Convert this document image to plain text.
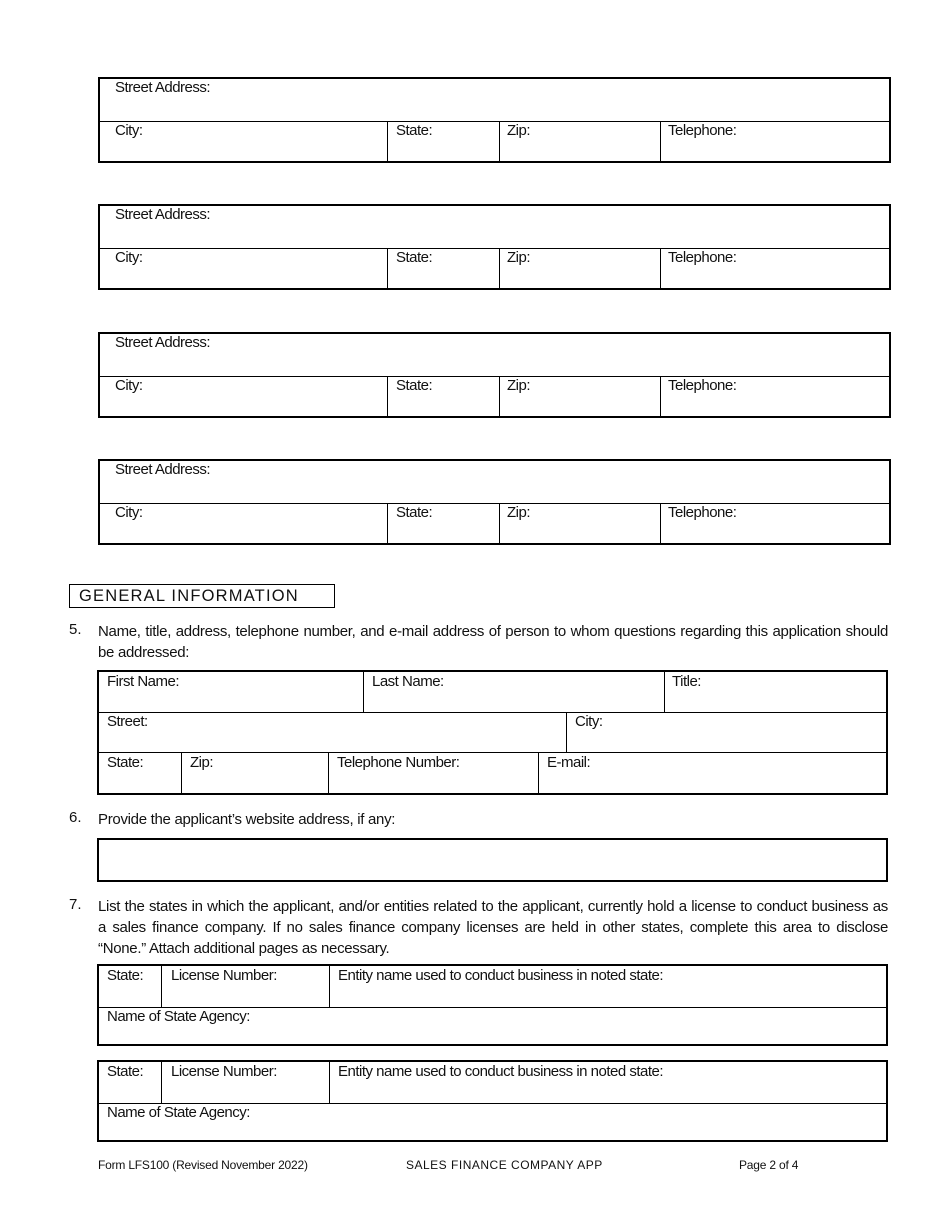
Street Address:
City:	State:	Zip:	Telephone:
Street Address:
City:	State:	Zip:	Telephone:
Street Address:
City:	State:	Zip:	Telephone:
Street Address:
City:	State:	Zip:	Telephone:
GENERAL INFORMATION
5. Name, title, address, telephone number, and e-mail address of person to whom questions regarding this application should be addressed:
First Name:	Last Name:	Title:
Street:	City:
State:	Zip:	Telephone Number:	E-mail:
6. Provide the applicant’s website address, if any:
7. List the states in which the applicant, and/or entities related to the applicant, currently hold a license to conduct business as a sales finance company. If no sales finance company licenses are held in other states, complete this area to disclose “None.” Attach additional pages as necessary.
State: License Number:	Entity name used to conduct business in noted state:
Name of State Agency:
State: License Number:	Entity name used to conduct business in noted state:
Name of State Agency:
Form LFS100 (Revised November 2022)	SALES FINANCE COMPANY APP	Page 2 of 4
